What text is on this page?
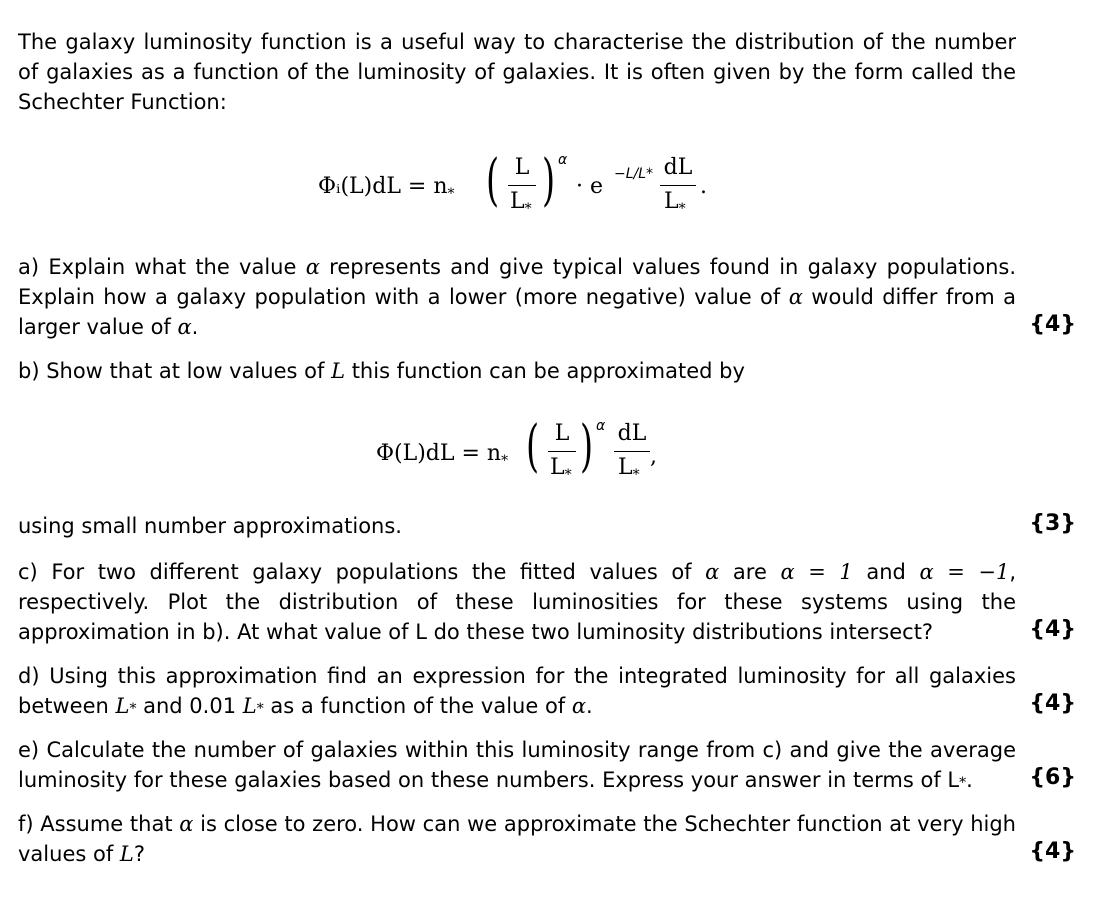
The galaxy luminosity function is a useful way to characterise the distribution of the number of galaxies as a function of the luminosity of galaxies. It is often given by the form called the Schechter Function:
Φᵢ(L)dL = $n_*$ ( L
$L_*$ ) α
· e −L/L* dL
$L_*$
.
a) Explain what the value α represents and give typical values found in galaxy populations. Explain how a galaxy population with a lower (more negative) value of α would differ from a larger value of α.	{4}
b) Show that at low values of L this function can be approximated by
$\Phi(L)dL = n_*$ ( L
$L_*$ ) α dL
$L_*$
,
using small number approximations.	{3}
c) For two different galaxy populations the fitted values of α are α = 1 and α = −1, respectively. Plot the distribution of these luminosities for these systems using the approximation in b). At what value of L do these two luminosity distributions intersect?	{4}
d) Using this approximation find an expression for the integrated luminosity for all galaxies between L* and 0.01 L* as a function of the value of α.	{4}
e) Calculate the number of galaxies within this luminosity range from c) and give the average luminosity for these galaxies based on these numbers. Express your answer in terms of L*.	{6}
f) Assume that α is close to zero. How can we approximate the Schechter function at very high values of L?	{4}
